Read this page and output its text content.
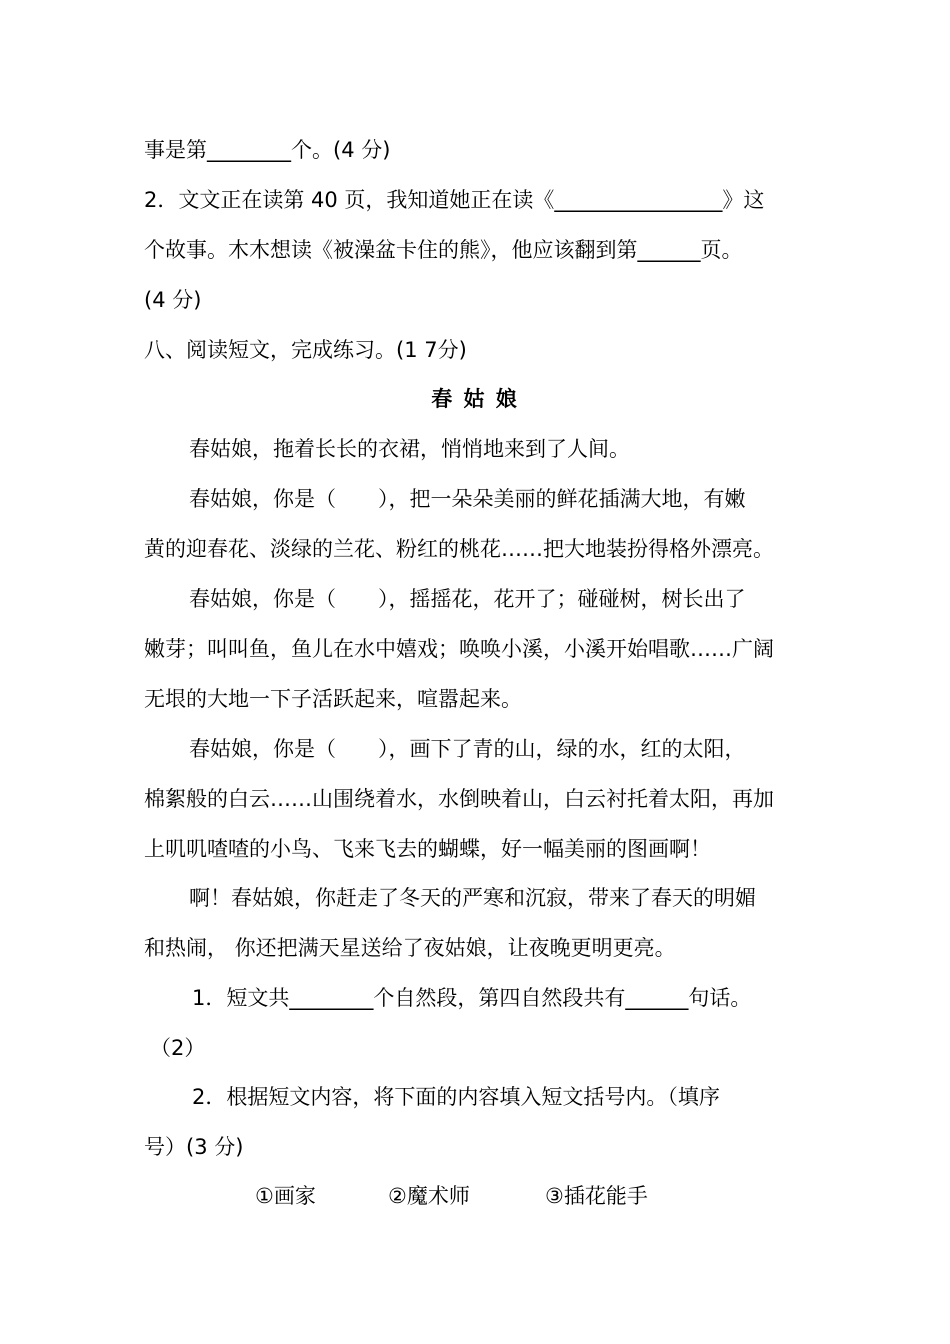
事是第________个。(4 分)
2．文文正在读第 40 页，我知道她正在读《________________》这
个故事。木木想读《被澡盆卡住的熊》，他应该翻到第______页。
(4 分)
八、阅读短文，完成练习。(1 7分)
春 姑 娘
春姑娘，拖着长长的衣裙，悄悄地来到了人间。
春姑娘，你是（　　），把一朵朵美丽的鲜花插满大地，有嫩
黄的迎春花、淡绿的兰花、粉红的桃花……把大地装扮得格外漂亮。
春姑娘，你是（　　），摇摇花，花开了；碰碰树，树长出了
嫩芽；叫叫鱼，鱼儿在水中嬉戏；唤唤小溪，小溪开始唱歌……广阔
无垠的大地一下子活跃起来，喧嚣起来。
春姑娘，你是（　　），画下了青的山，绿的水，红的太阳，
棉絮般的白云……山围绕着水，水倒映着山，白云衬托着太阳，再加
上叽叽喳喳的小鸟、飞来飞去的蝴蝶，好一幅美丽的图画啊！
啊！春姑娘，你赶走了冬天的严寒和沉寂，带来了春天的明媚
和热闹， 你还把满天星送给了夜姑娘，让夜晚更明更亮。
1．短文共________个自然段，第四自然段共有______句话。
（2）
2．根据短文内容，将下面的内容填入短文括号内。（填序
号）(3 分)
①画家	②魔术师	③插花能手
